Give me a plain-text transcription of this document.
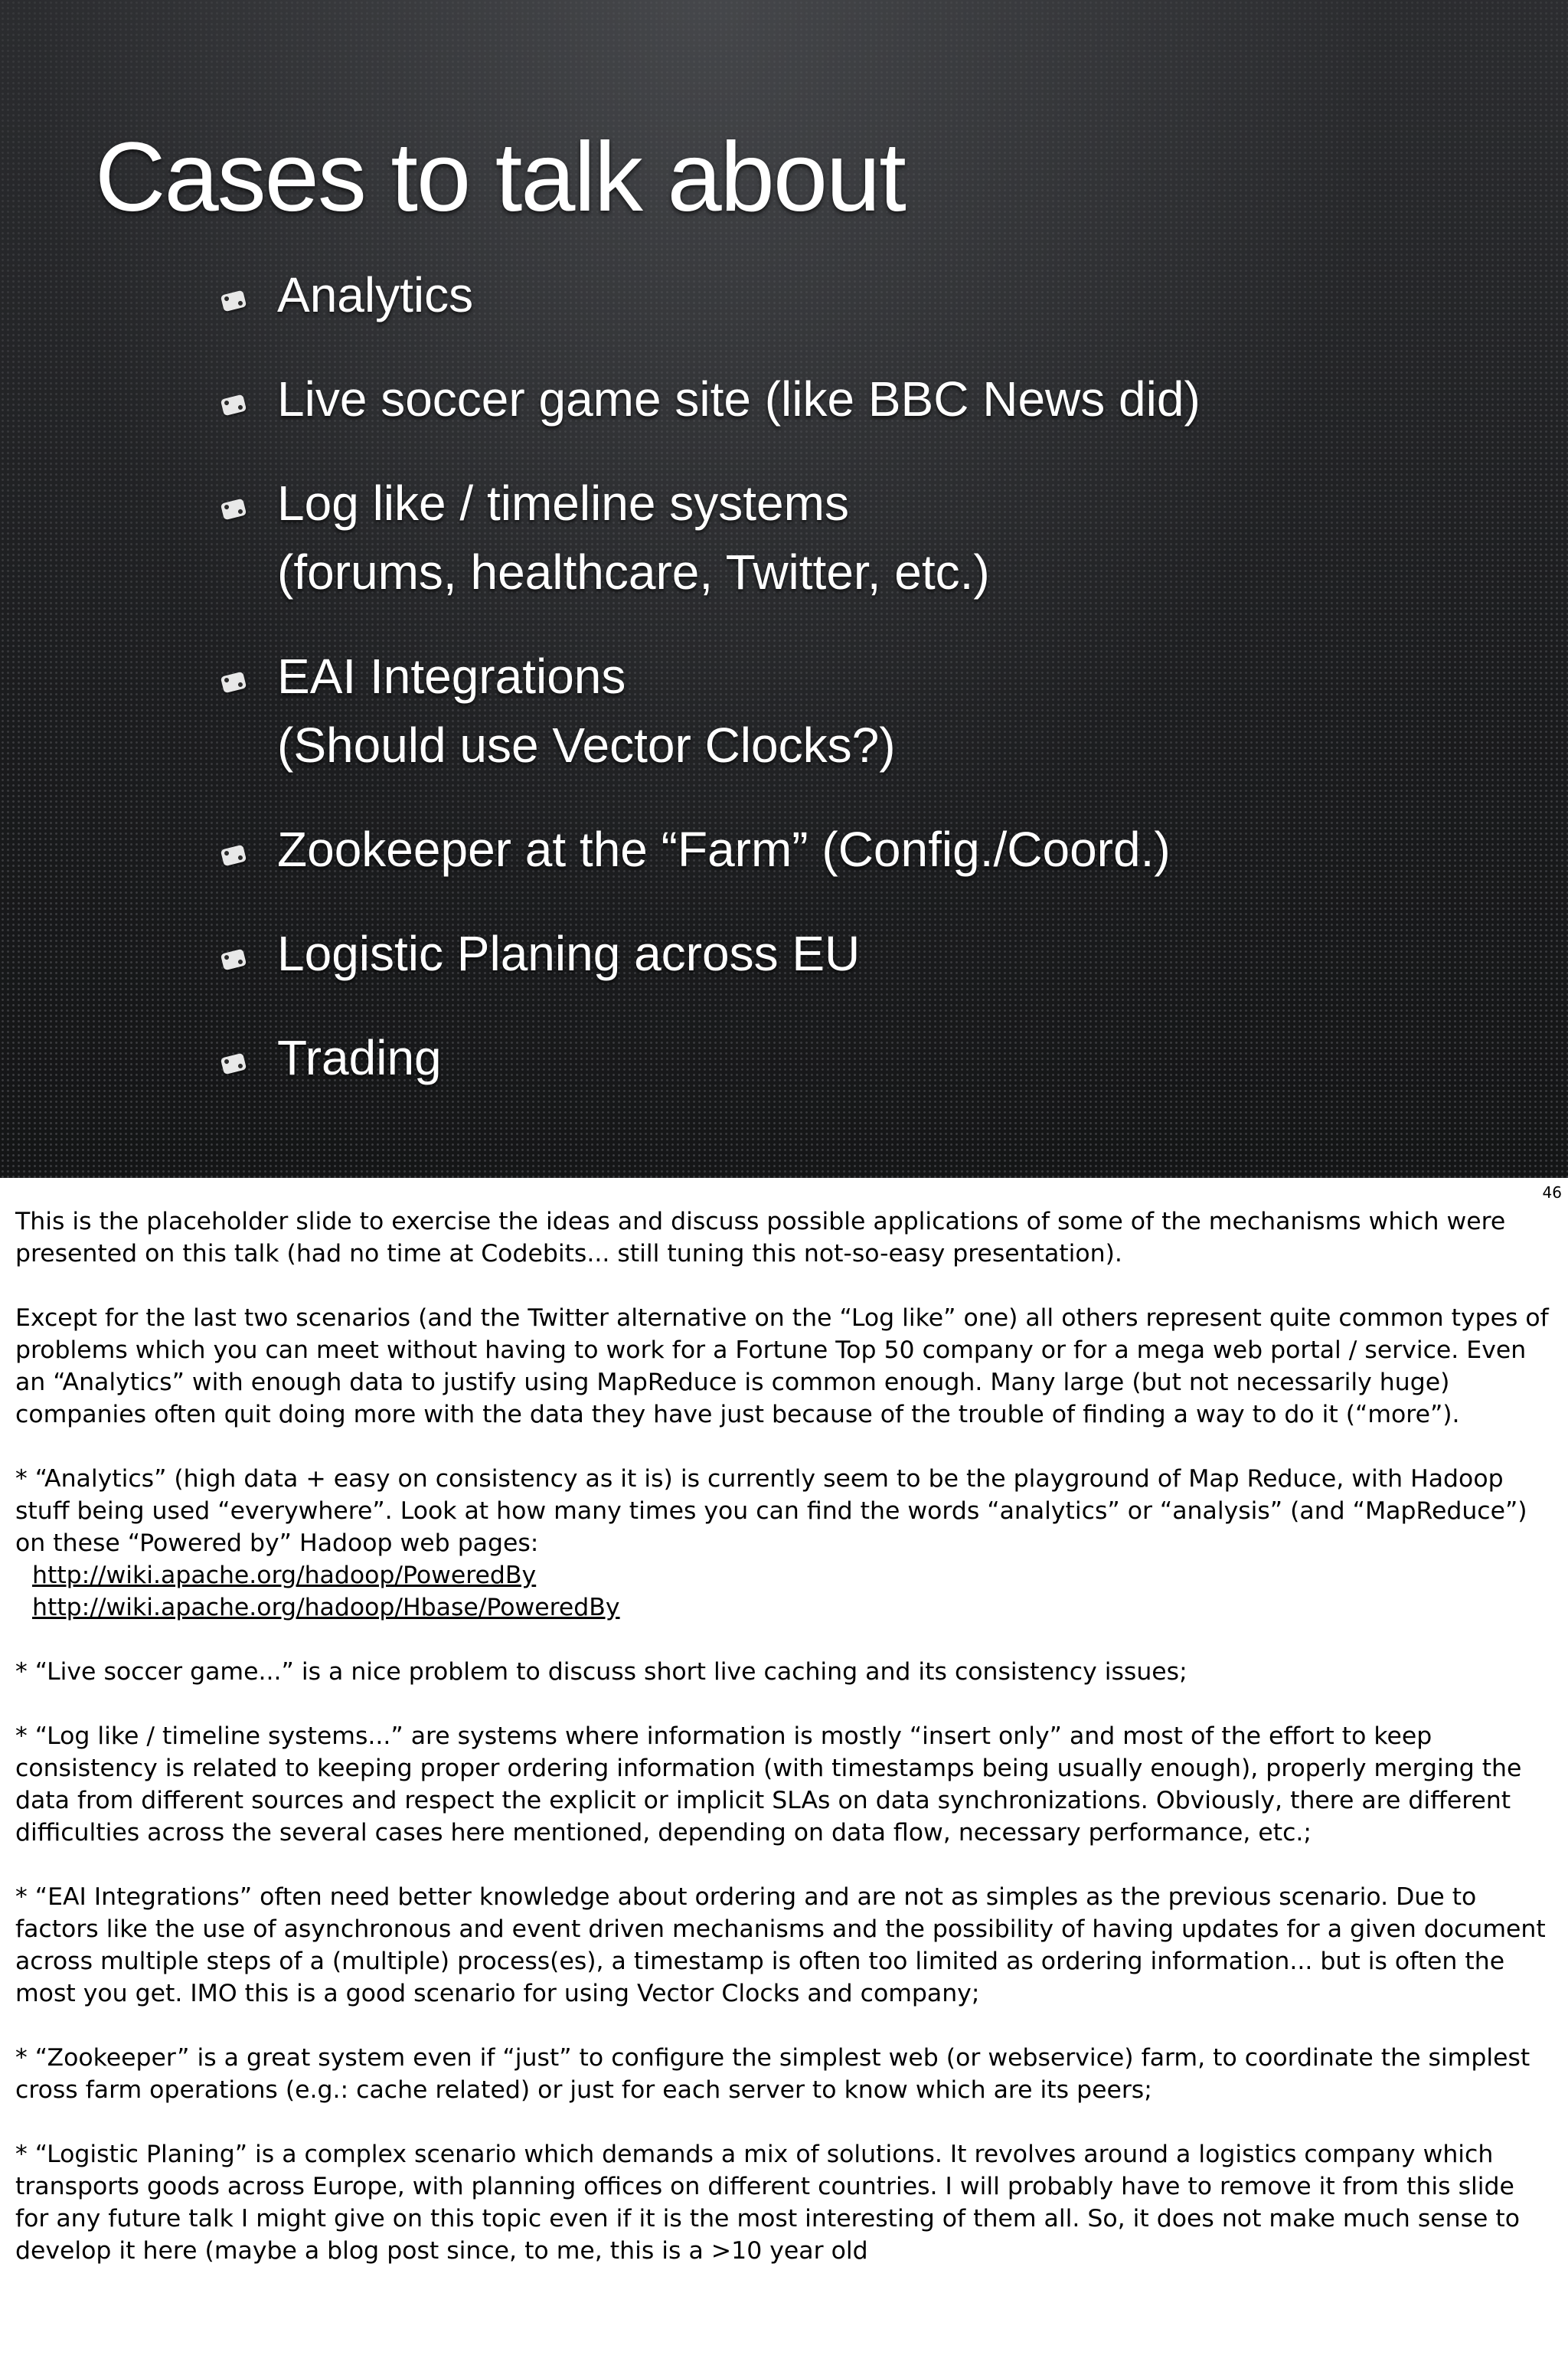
Cases to talk about
Analytics
Live soccer game site (like BBC News did)
Log like / timeline systems
(forums, healthcare, Twitter, etc.)
EAI Integrations
(Should use Vector Clocks?)
Zookeeper at the “Farm” (Config./Coord.)
Logistic Planing across EU
Trading
46

This is the placeholder slide to exercise the ideas and discuss possible applications of some of the mechanisms which were presented on this talk (had no time at Codebits... still tuning this not-so-easy presentation).

Except for the last two scenarios (and the Twitter alternative on the “Log like” one) all others represent quite common types of problems which you can meet without having to work for a Fortune Top 50 company or for a mega web portal / service. Even an “Analytics” with enough data to justify using MapReduce is common enough. Many large (but not necessarily huge) companies often quit doing more with the data they have just because of the trouble of finding a way to do it (“more”).

* “Analytics” (high data + easy on consistency as it is) is currently seem to be the playground of Map Reduce, with Hadoop stuff being used “everywhere”. Look at how many times you can find the words “analytics” or “analysis” (and “MapReduce”) on these “Powered by” Hadoop web pages:

http://wiki.apache.org/hadoop/PoweredBy
http://wiki.apache.org/hadoop/Hbase/PoweredBy

* “Live soccer game...” is a nice problem to discuss short live caching and its consistency issues;

* “Log like / timeline systems...” are systems where information is mostly “insert only” and most of the effort to keep consistency is related to keeping proper ordering information (with timestamps being usually enough), properly merging the data from different sources and respect the explicit or implicit SLAs on data synchronizations. Obviously, there are different difficulties across the several cases here mentioned, depending on data flow, necessary performance, etc.;

* “EAI Integrations” often need better knowledge about ordering and are not as simples as the previous scenario. Due to factors like the use of asynchronous and event driven mechanisms and the possibility of having updates for a given document across multiple steps of a (multiple) process(es), a timestamp is often too limited as ordering information... but is often the most you get. IMO this is a good scenario for using Vector Clocks and company;

* “Zookeeper” is a great system even if “just” to configure the simplest web (or webservice) farm, to coordinate the simplest cross farm operations (e.g.: cache related) or just for each server to know which are its peers;

* “Logistic Planing” is a complex scenario which demands a mix of solutions. It revolves around a logistics company which transports goods across Europe, with planning offices on different countries. I will probably have to remove it from this slide for any future talk I might give on this topic even if it is the most interesting of them all. So, it does not make much sense to develop it here (maybe a blog post since, to me, this is a >10 year old
